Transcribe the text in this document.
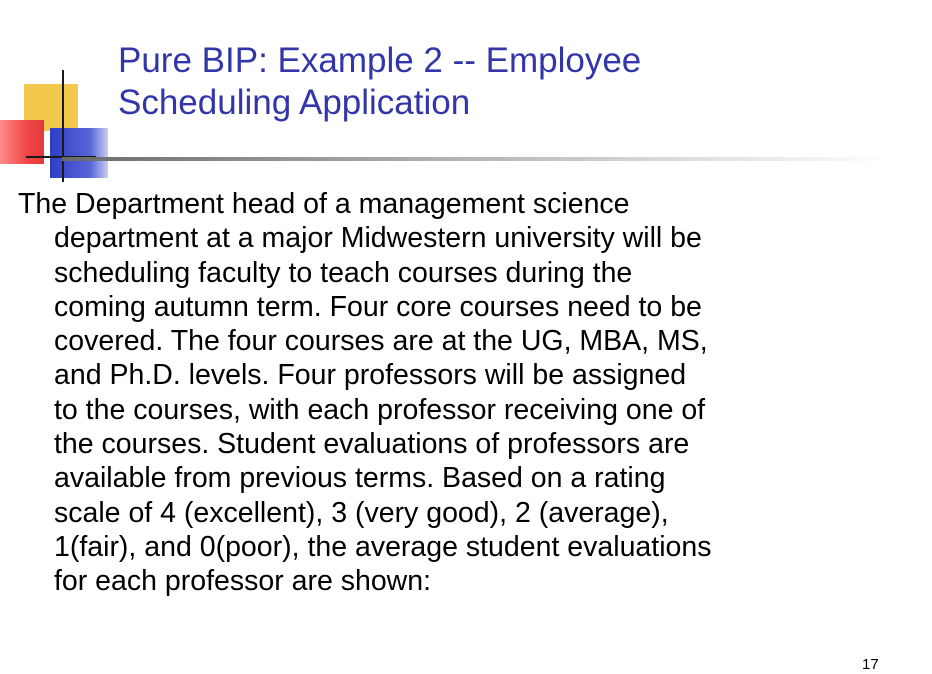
Pure BIP: Example 2 -- Employee
Scheduling Application
The Department head of a management science
department at a major Midwestern university will be
scheduling faculty to teach courses during the
coming autumn term. Four core courses need to be
covered. The four courses are at the UG, MBA, MS,
and Ph.D. levels. Four professors will be assigned
to the courses, with each professor receiving one of
the courses. Student evaluations of professors are
available from previous terms. Based on a rating
scale of 4 (excellent), 3 (very good), 2 (average),
1(fair), and 0(poor), the average student evaluations
for each professor are shown:
17
